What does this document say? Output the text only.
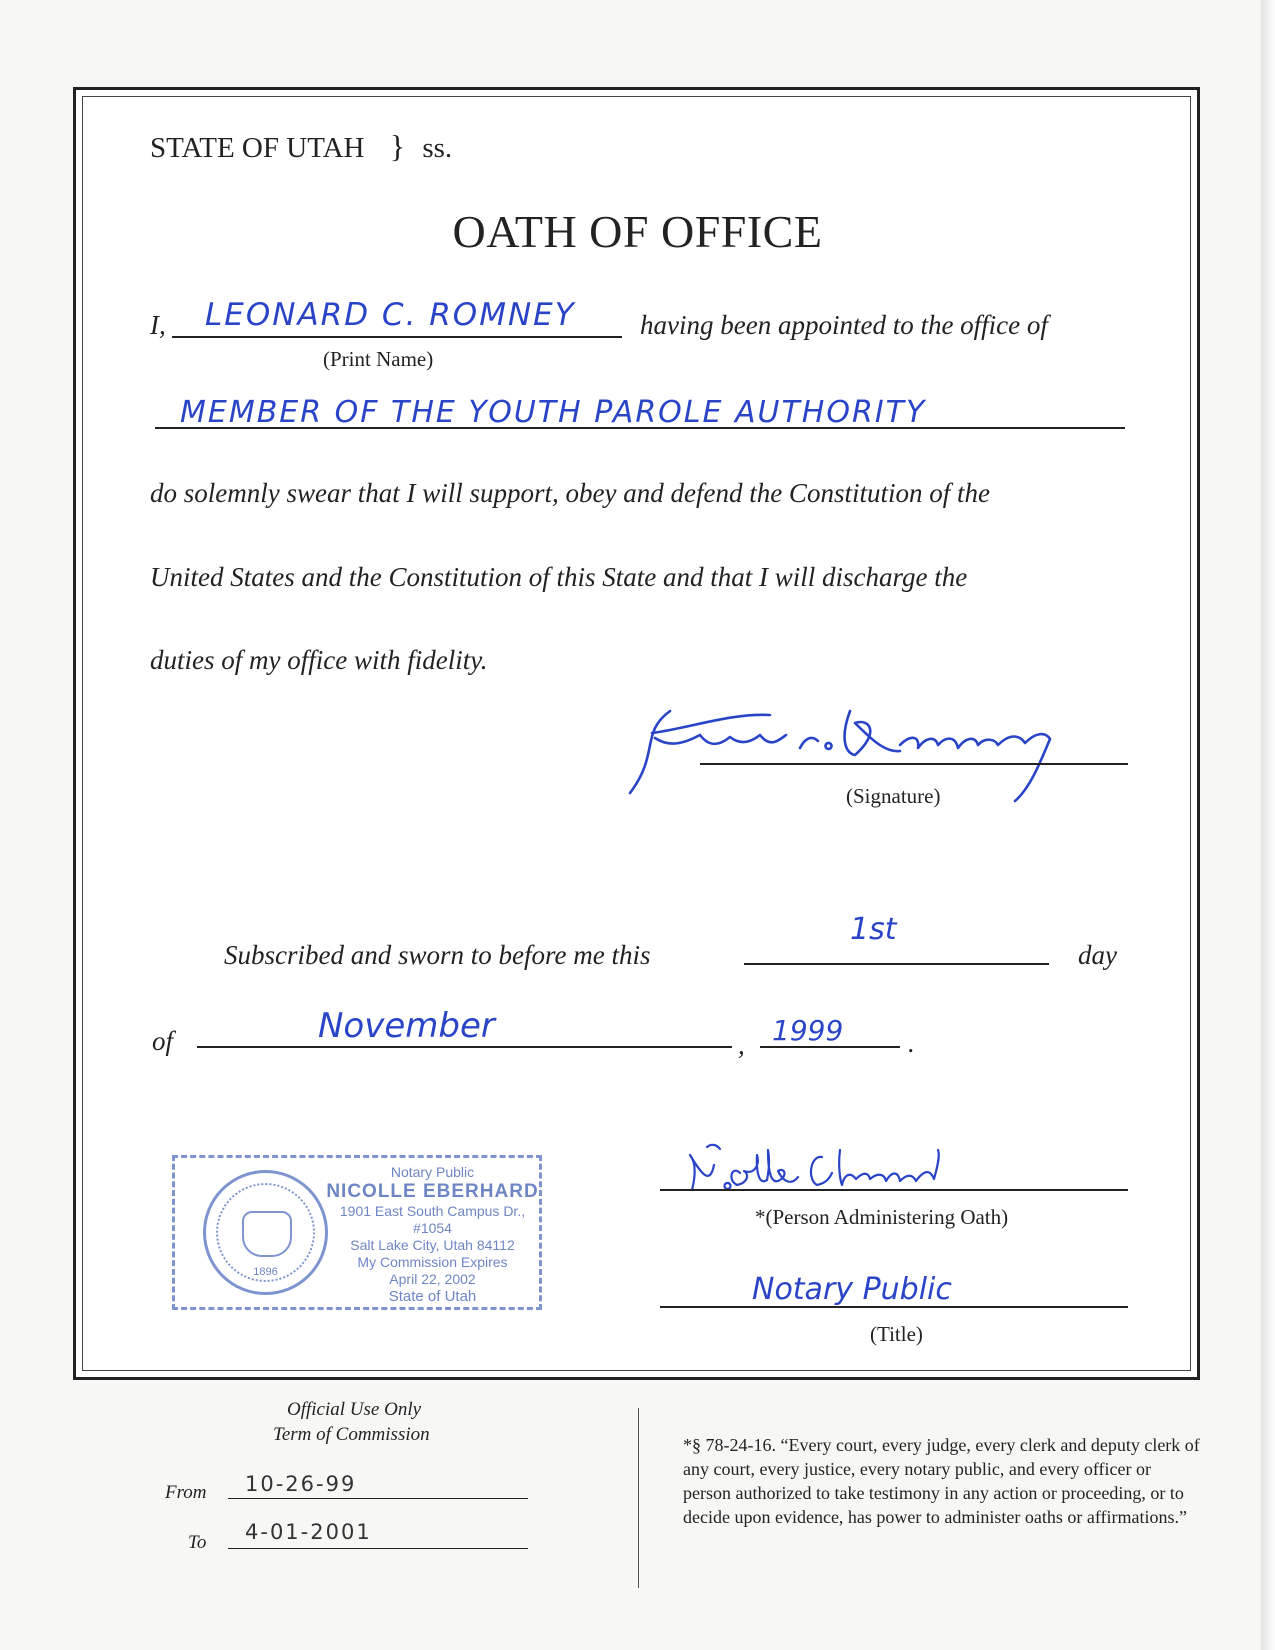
STATE OF UTAH } ss.
OATH OF OFFICE
I, LEONARD C. ROMNEY having been appointed to the office of
(Print Name)
MEMBER OF THE YOUTH PAROLE AUTHORITY
do solemnly swear that I will support, obey and defend the Constitution of the
United States and the Constitution of this State and that I will discharge the
duties of my office with fidelity.
(Signature)
Subscribed and sworn to before me this
1st
day
of	November	, 1999 .
1896
Notary Public
NICOLLE EBERHARD
1901 East South Campus Dr., #1054
Salt Lake City, Utah 84112
My Commission Expires
April 22, 2002
State of Utah
*(Person Administering Oath)
Notary Public
(Title)
Official Use Only
Term of Commission
From 10-26-99
To 4-01-2001
*§ 78-24-16. “Every court, every judge, every clerk and deputy clerk of any court, every justice, every notary public, and every officer or person authorized to take testimony in any action or proceeding, or to decide upon evidence, has power to administer oaths or affirmations.”
